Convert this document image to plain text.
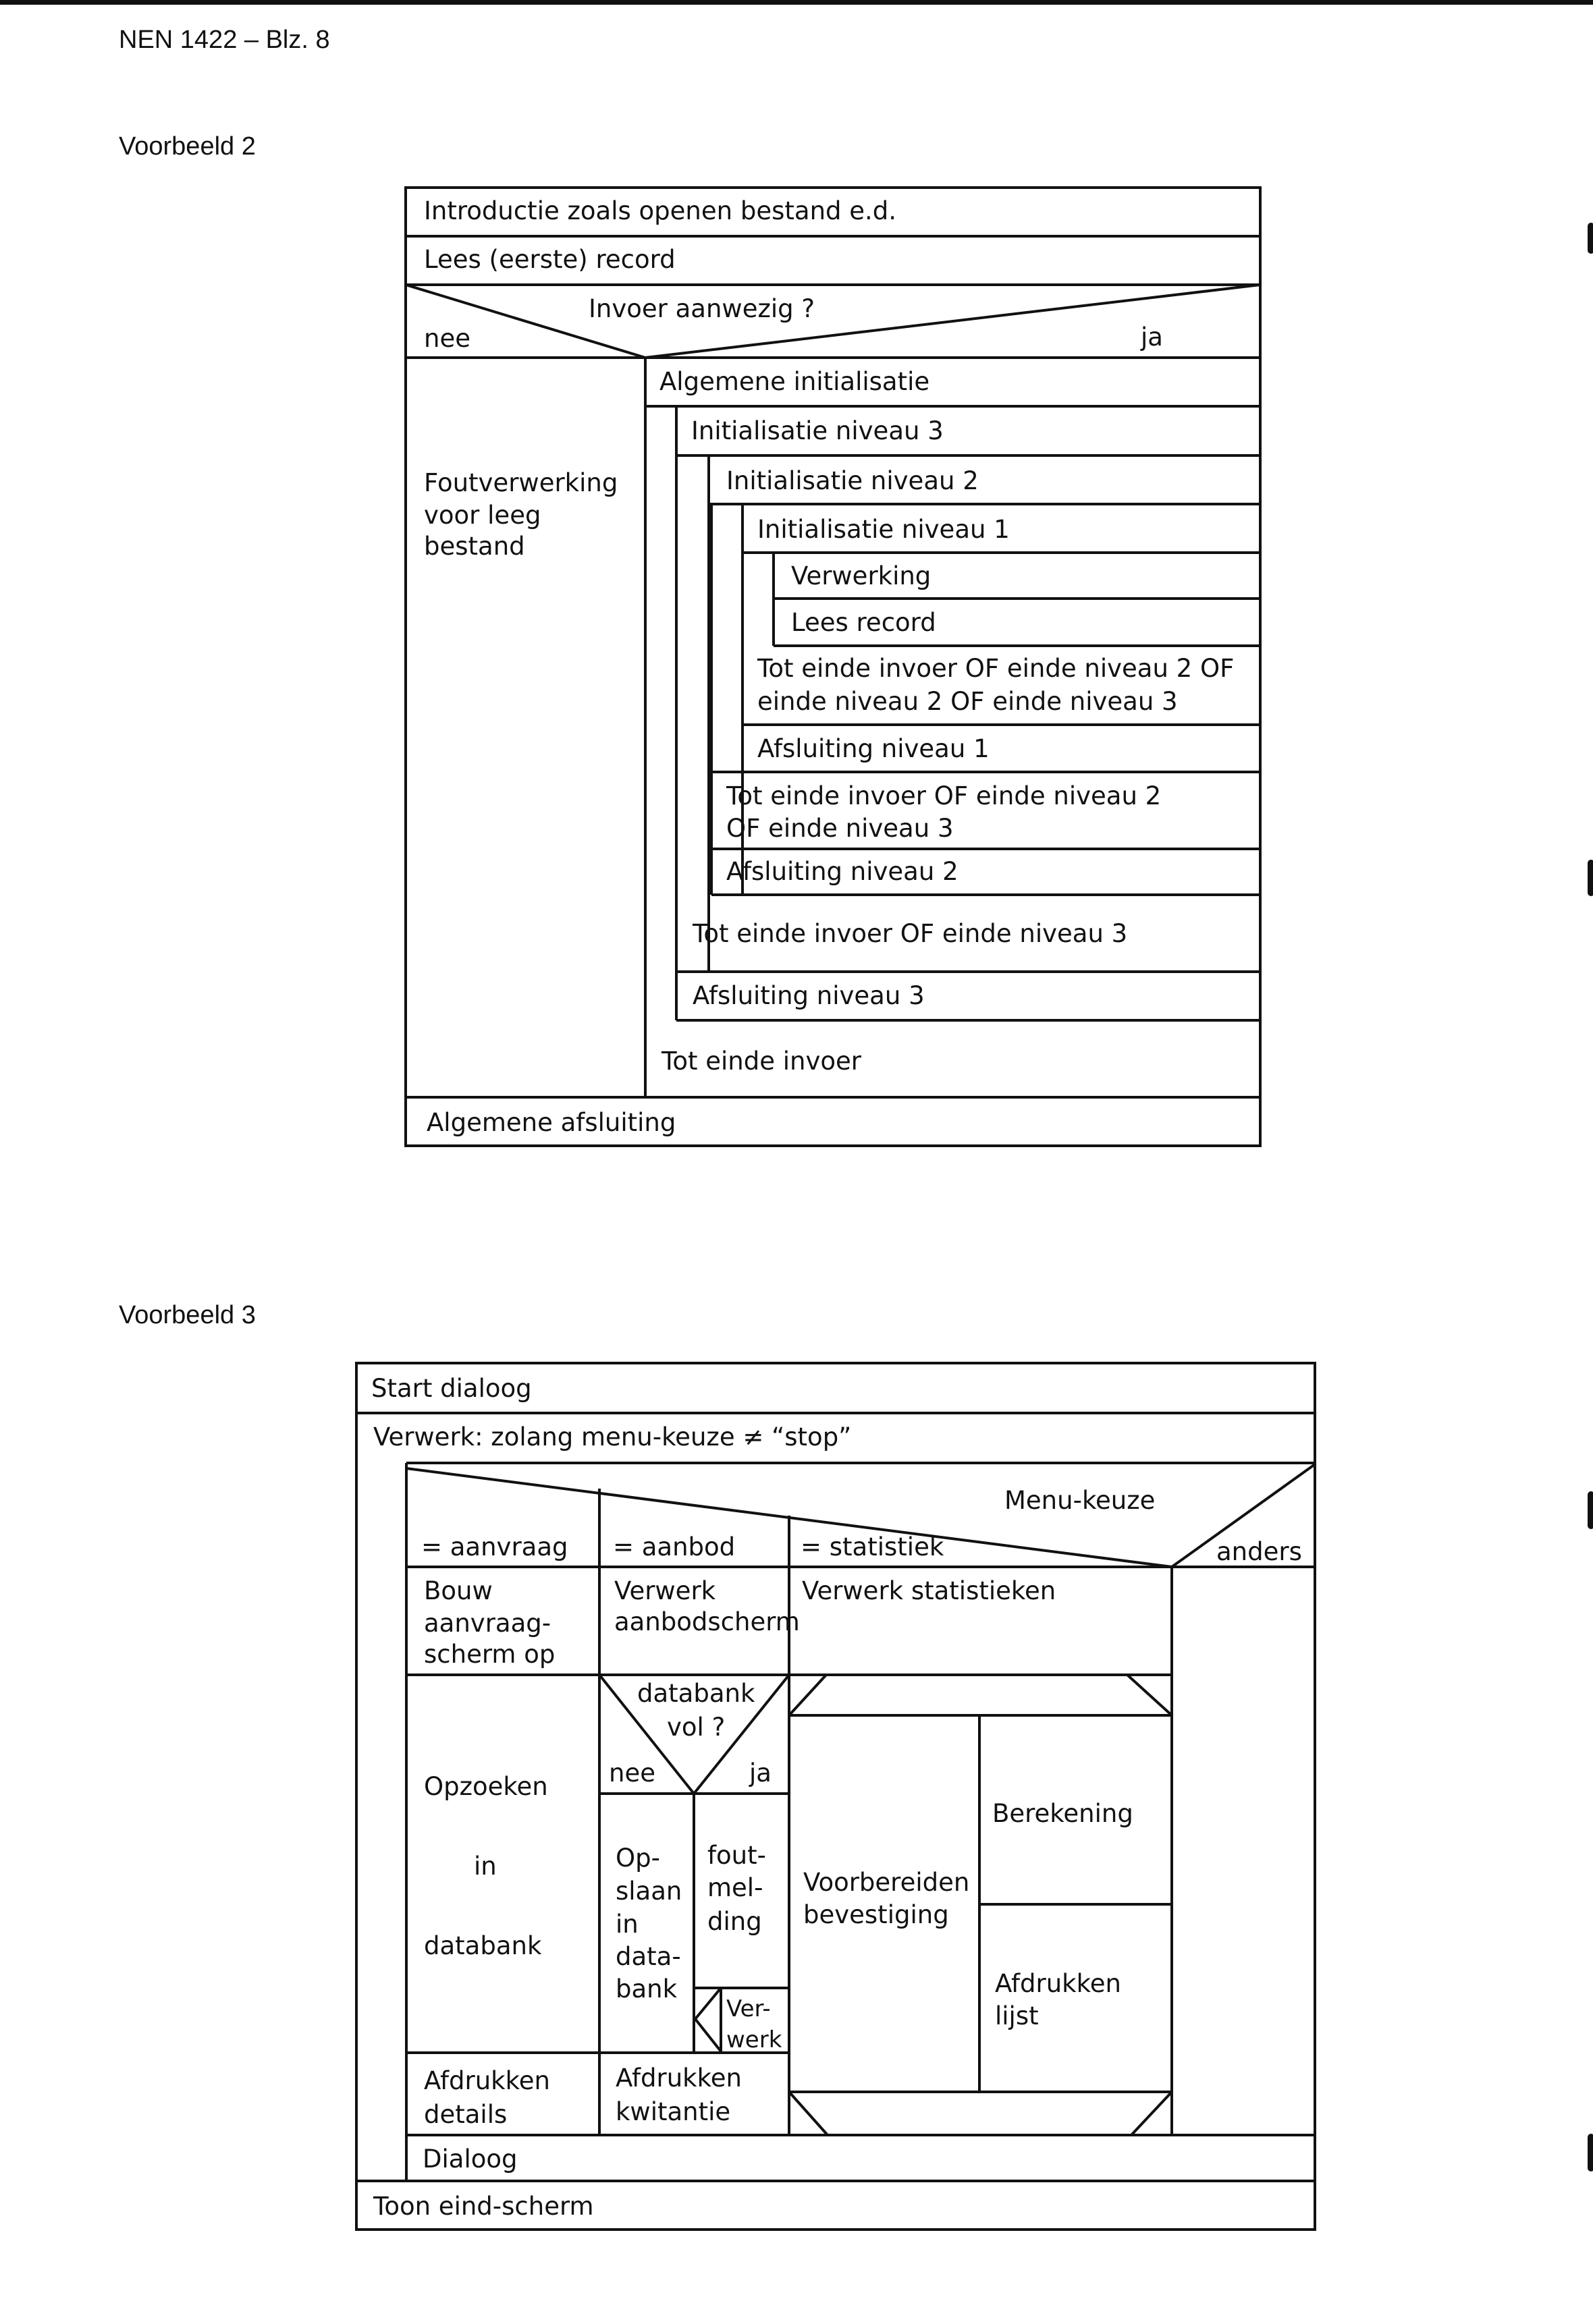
NEN 1422 – Blz. 8
Voorbeeld 2
Voorbeeld 3
Introductie zoals openen bestand e.d.
Lees (eerste) record
Invoer aanwezig ?
nee	ja
Foutverwerking
voor leeg
bestand
Algemene initialisatie
Initialisatie niveau 3
Initialisatie niveau 2
Initialisatie niveau 1
Verwerking
Lees record
Tot einde invoer OF einde niveau 2 OF
einde niveau 2 OF einde niveau 3
Afsluiting niveau 1
Tot einde invoer OF einde niveau 2
OF einde niveau 3
Afsluiting niveau 2
Tot einde invoer OF einde niveau 3
Afsluiting niveau 3
Tot einde invoer
Algemene afsluiting
Start dialoog
Verwerk: zolang menu-keuze ≠ “stop”
Menu-keuze
= aanvraag = aanbod	= statistiek	anders
Bouw
aanvraag-
scherm op
Verwerk
aanbodscherm
Verwerk statistieken
Opzoeken
in
databank
databank
vol ?
nee	ja
Op-
slaan
in
data-
bank
fout-
mel-
ding
Ver-
werk
Voorbereiden
bevestiging
Berekening
Afdrukken
lijst
Afdrukken
details
Afdrukken
kwitantie
Dialoog
Toon eind-scherm
